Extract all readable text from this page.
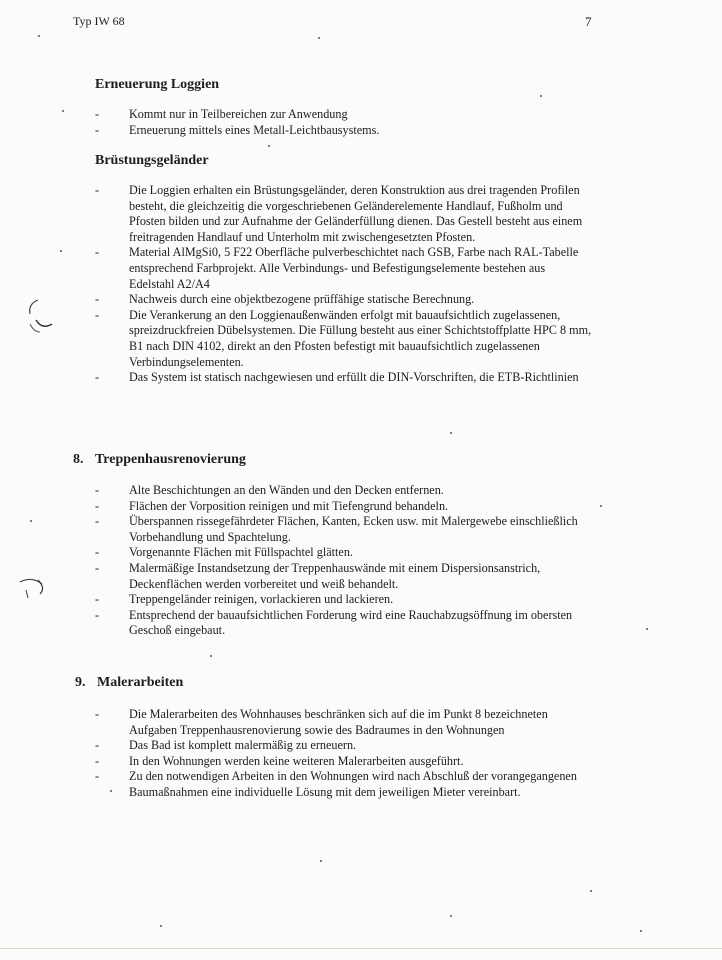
Typ IW 68	7
Erneuerung Loggien
- Kommt nur in Teilbereichen zur Anwendung
- Erneuerung mittels eines Metall-Leichtbausystems.
Brüstungsgeländer
- Die Loggien erhalten ein Brüstungsgeländer, deren Konstruktion aus drei tragenden Profilen besteht, die gleichzeitig die vorgeschriebenen Geländerelemente Handlauf, Fußholm und Pfosten bilden und zur Aufnahme der Geländerfüllung dienen. Das Gestell besteht aus einem freitragenden Handlauf und Unterholm mit zwischengesetzten Pfosten.
- Material AlMgSi0, 5 F22 Oberfläche pulverbeschichtet nach GSB, Farbe nach RAL-Tabelle entsprechend Farbprojekt. Alle Verbindungs- und Befestigungselemente bestehen aus Edelstahl A2/A4
- Nachweis durch eine objektbezogene prüffähige statische Berechnung.
- Die Verankerung an den Loggienaußenwänden erfolgt mit bauaufsichtlich zugelassenen, spreizdruckfreien Dübelsystemen. Die Füllung besteht aus einer Schichtstoffplatte HPC 8 mm, B1 nach DIN 4102, direkt an den Pfosten befestigt mit bauaufsichtlich zugelassenen Verbindungselementen.
- Das System ist statisch nachgewiesen und erfüllt die DIN-Vorschriften, die ETB-Richtlinien
8. Treppenhausrenovierung
- Alte Beschichtungen an den Wänden und den Decken entfernen.
- Flächen der Vorposition reinigen und mit Tiefengrund behandeln.
- Überspannen rissegefährdeter Flächen, Kanten, Ecken usw. mit Malergewebe einschließlich Vorbehandlung und Spachtelung.
- Vorgenannte Flächen mit Füllspachtel glätten.
- Malermäßige Instandsetzung der Treppenhauswände mit einem Dispersionsanstrich, Deckenflächen werden vorbereitet und weiß behandelt.
- Treppengeländer reinigen, vorlackieren und lackieren.
- Entsprechend der bauaufsichtlichen Forderung wird eine Rauchabzugsöffnung im obersten Geschoß eingebaut.
9. Malerarbeiten
- Die Malerarbeiten des Wohnhauses beschränken sich auf die im Punkt 8 bezeichneten Aufgaben Treppenhausrenovierung sowie des Badraumes in den Wohnungen
- Das Bad ist komplett malermäßig zu erneuern.
- In den Wohnungen werden keine weiteren Malerarbeiten ausgeführt.
- Zu den notwendigen Arbeiten in den Wohnungen wird nach Abschluß der vorangegangenen Baumaßnahmen eine individuelle Lösung mit dem jeweiligen Mieter vereinbart.
